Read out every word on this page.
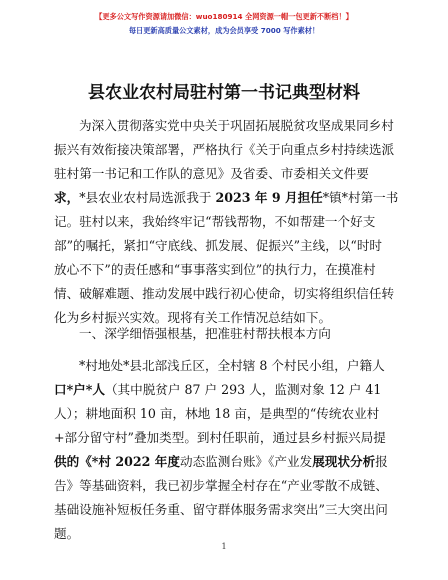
【更多公文写作资源请加微信：wuo180914 全网资源一帽一包更新不断档！】
每日更新高质量公文素材，成为会员享受 7000 写作素材！
县农业农村局驻村第一书记典型材料
为深入贯彻落实党中央关于巩固拓展脱贫攻坚成果同乡村
振兴有效衔接决策部署，严格执行《关于向重点乡村持续选派
驻村第一书记和工作队的意见》及省委、市委相关文件要
求，*县农业农村局选派我于 2023 年 9 月担任*镇*村第一书
记。驻村以来，我始终牢记“帮钱帮物，不如帮建一个好支
部”的嘱托，紧扣“守底线、抓发展、促振兴”主线，以“时时
放心不下”的责任感和“事事落实到位”的执行力，在摸准村
情、破解难题、推动发展中践行初心使命，切实将组织信任转
化为乡村振兴实效。现将有关工作情况总结如下。
一、深学细悟强根基，把准驻村帮扶根本方向
*村地处*县北部浅丘区，全村辖 8 个村民小组，户籍人
口*户*人（其中脱贫户 87 户 293 人，监测对象 12 户 41
人）；耕地面积 10 亩，林地 18 亩，是典型的“传统农业村
+部分留守村”叠加类型。到村任职前，通过县乡村振兴局提
供的《*村 2022 年度动态监测台账》《产业发展现状分析报
告》等基础资料，我已初步掌握全村存在“产业零散不成链、
基础设施补短板任务重、留守群体服务需求突出”三大突出问
题。
1
